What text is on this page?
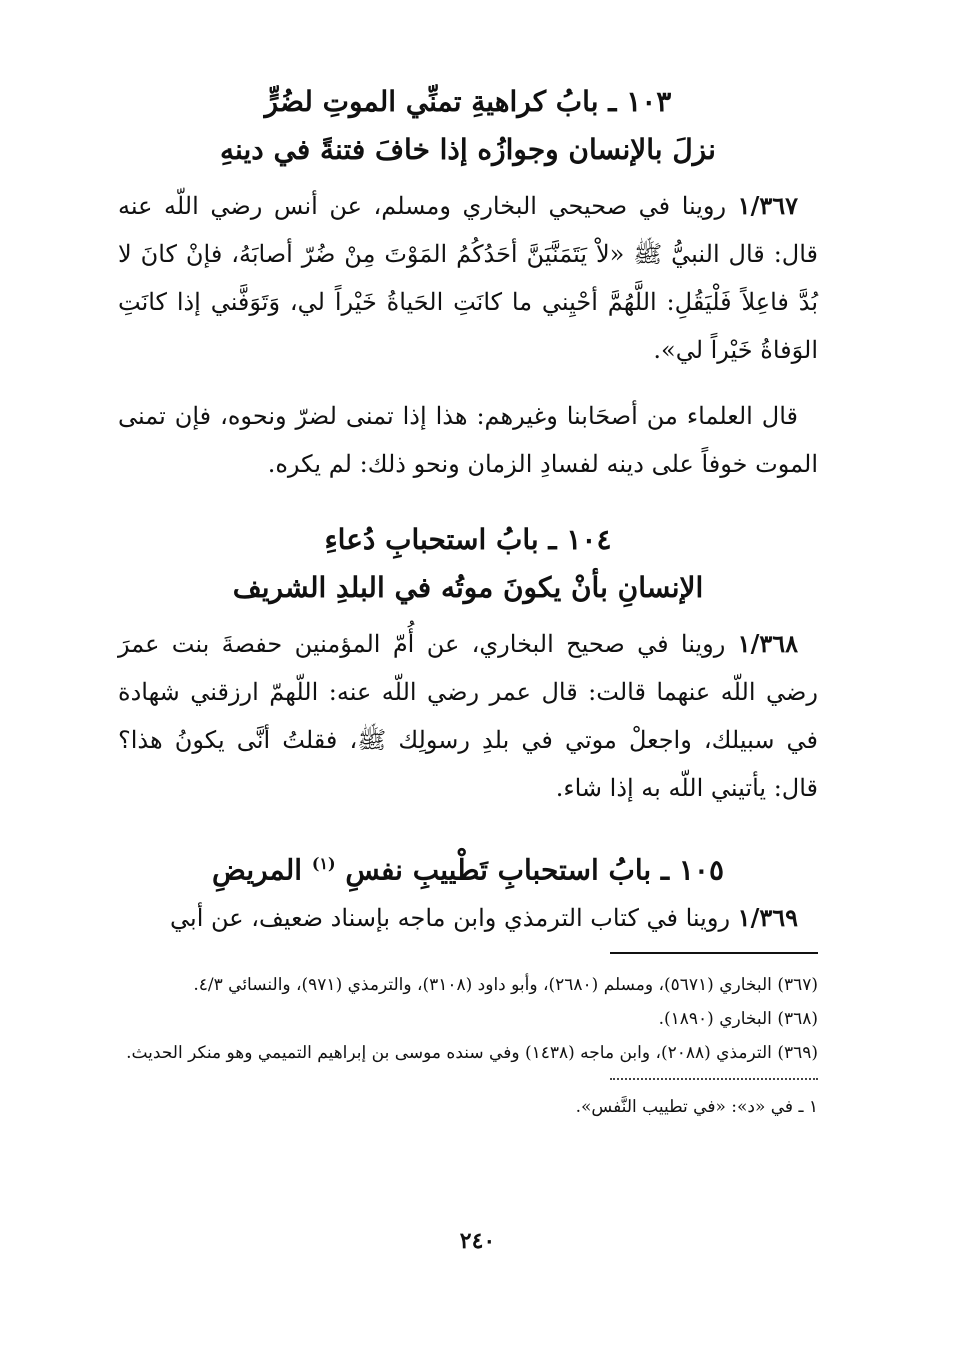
١٠٣ ـ بابُ كراهيةِ تمنِّي الموتِ لضُرٍّ
نزلَ بالإنسان وجوازُه إذا خافَ فتنةً في دينهِ

١/٣٦٧ روينا في صحيحي البخاري ومسلم، عن أنس رضي اللّه عنه قال: قال النبيُّ ﷺ «لاْ يَتَمَنَّيَنَّ أحَدُكُمُ المَوْتَ مِنْ ضُرّ أصابَهُ، فإنْ كانَ لا بُدَّ فاعِلاً فَلْيَقُلِ: اللَّهُمَّ أحْيِني ما كانَتِ الحَياةُ خَيْراً لي، وَتَوَفَّني إذا كانَتِ الوَفاةُ خَيْراً لي».

قال العلماء من أصحَابنا وغيرهم: هذا إذا تمنى لضرّ ونحوه، فإن تمنى الموت خوفاً على دينه لفسادِ الزمان ونحو ذلك: لم يكره.

١٠٤ ـ بابُ استحبابِ دُعاءِ
الإنسانِ بأنْ يكونَ موتُه في البلدِ الشريف

١/٣٦٨ روينا في صحيح البخاري، عن أُمّ المؤمنين حفصةَ بنت عمرَ رضي اللّه عنهما قالت: قال عمر رضي اللّه عنه: اللّهمّ ارزقني شهادة في سبيلك، واجعلْ موتي في بلدِ رسولِك ﷺ، فقلتُ أنَّى يكونُ هذا؟ قال: يأتيني اللّه به إذا شاء.

١٠٥ ـ بابُ استحبابِ تَطْييبِ نفسِ $^{(١)}$ المريضِ

١/٣٦٩ روينا في كتاب الترمذي وابن ماجه بإسناد ضعيف، عن أبي

(٣٦٧) البخاري (٥٦٧١)، ومسلم (٢٦٨٠)، وأبو داود (٣١٠٨)، والترمذي (٩٧١)، والنسائي ٤/٣.

(٣٦٨) البخاري (١٨٩٠).

(٣٦٩) الترمذي (٢٠٨٨)، وابن ماجه (١٤٣٨) وفي سنده موسى بن إبراهيم التميمي وهو منكر الحديث.

١ ـ في «د»: «في تطييب النَّفس».

٢٤٠
